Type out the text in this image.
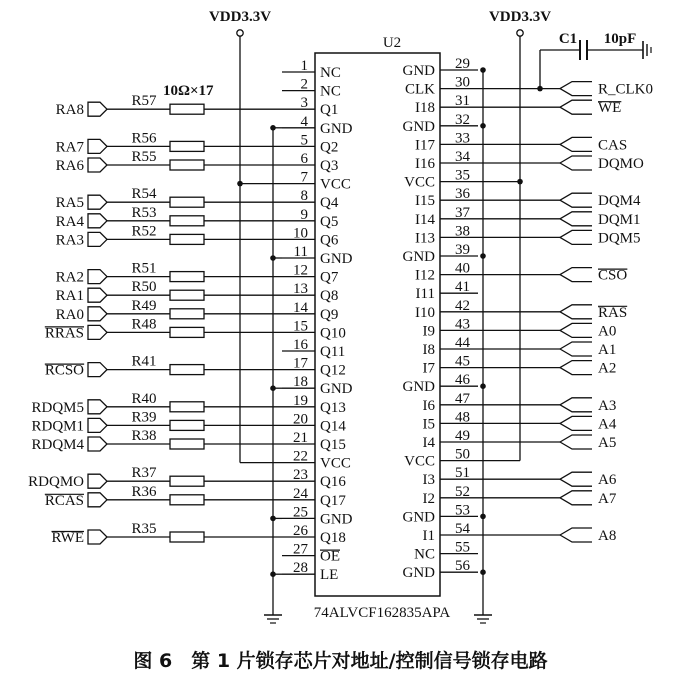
1 NC
2 NC
3 Q1
4 GND
5 Q2
6 Q3
7 VCC
8 Q4
9 Q5
10 Q6
11 GND
12 Q7
13 Q8
14 Q9
15 Q10
16 Q11
17 Q12
18 GND
19 Q13
20 Q14
21 Q15
22 VCC
23 Q16
24 Q17
25 GND
26 Q18
27 OE
28 LE
29
GND
30
CLK
31
I18
32
GND
33
I17
34
I16
35
VCC
36
I15
37
I14
38
I13
39
GND
40
I12
41
I11
42
I10
43
I9
44
I8
45
I7
46
GND
47
I6
48
I5
49
I4
50
VCC
51
I3
52
I2
53
GND
54
I1
55
NC
56
GND
RA8
R57
RA7
R56
RA6
R55
RA5
R54
RA4
R53
RA3
R52
RA2
R51
RA1
R50
RA0
R49
RRAS
R48
RCSO
R41
RDQM5
R40
RDQM1
R39
RDQM4
R38
RDQMO
R37
RCAS
R36
RWE
R35
R_CLK0
WE
CAS
DQMO
DQM4
DQM1
DQM5
CSO
RAS
A0
A1
A2
A3
A4
A5
A6
A7
A8
U2
74ALVCF162835APA
VDD3.3V	VDD3.3V
C1 10pF
10Ω×17
图 6　第 1 片锁存芯片对地址/控制信号锁存电路
